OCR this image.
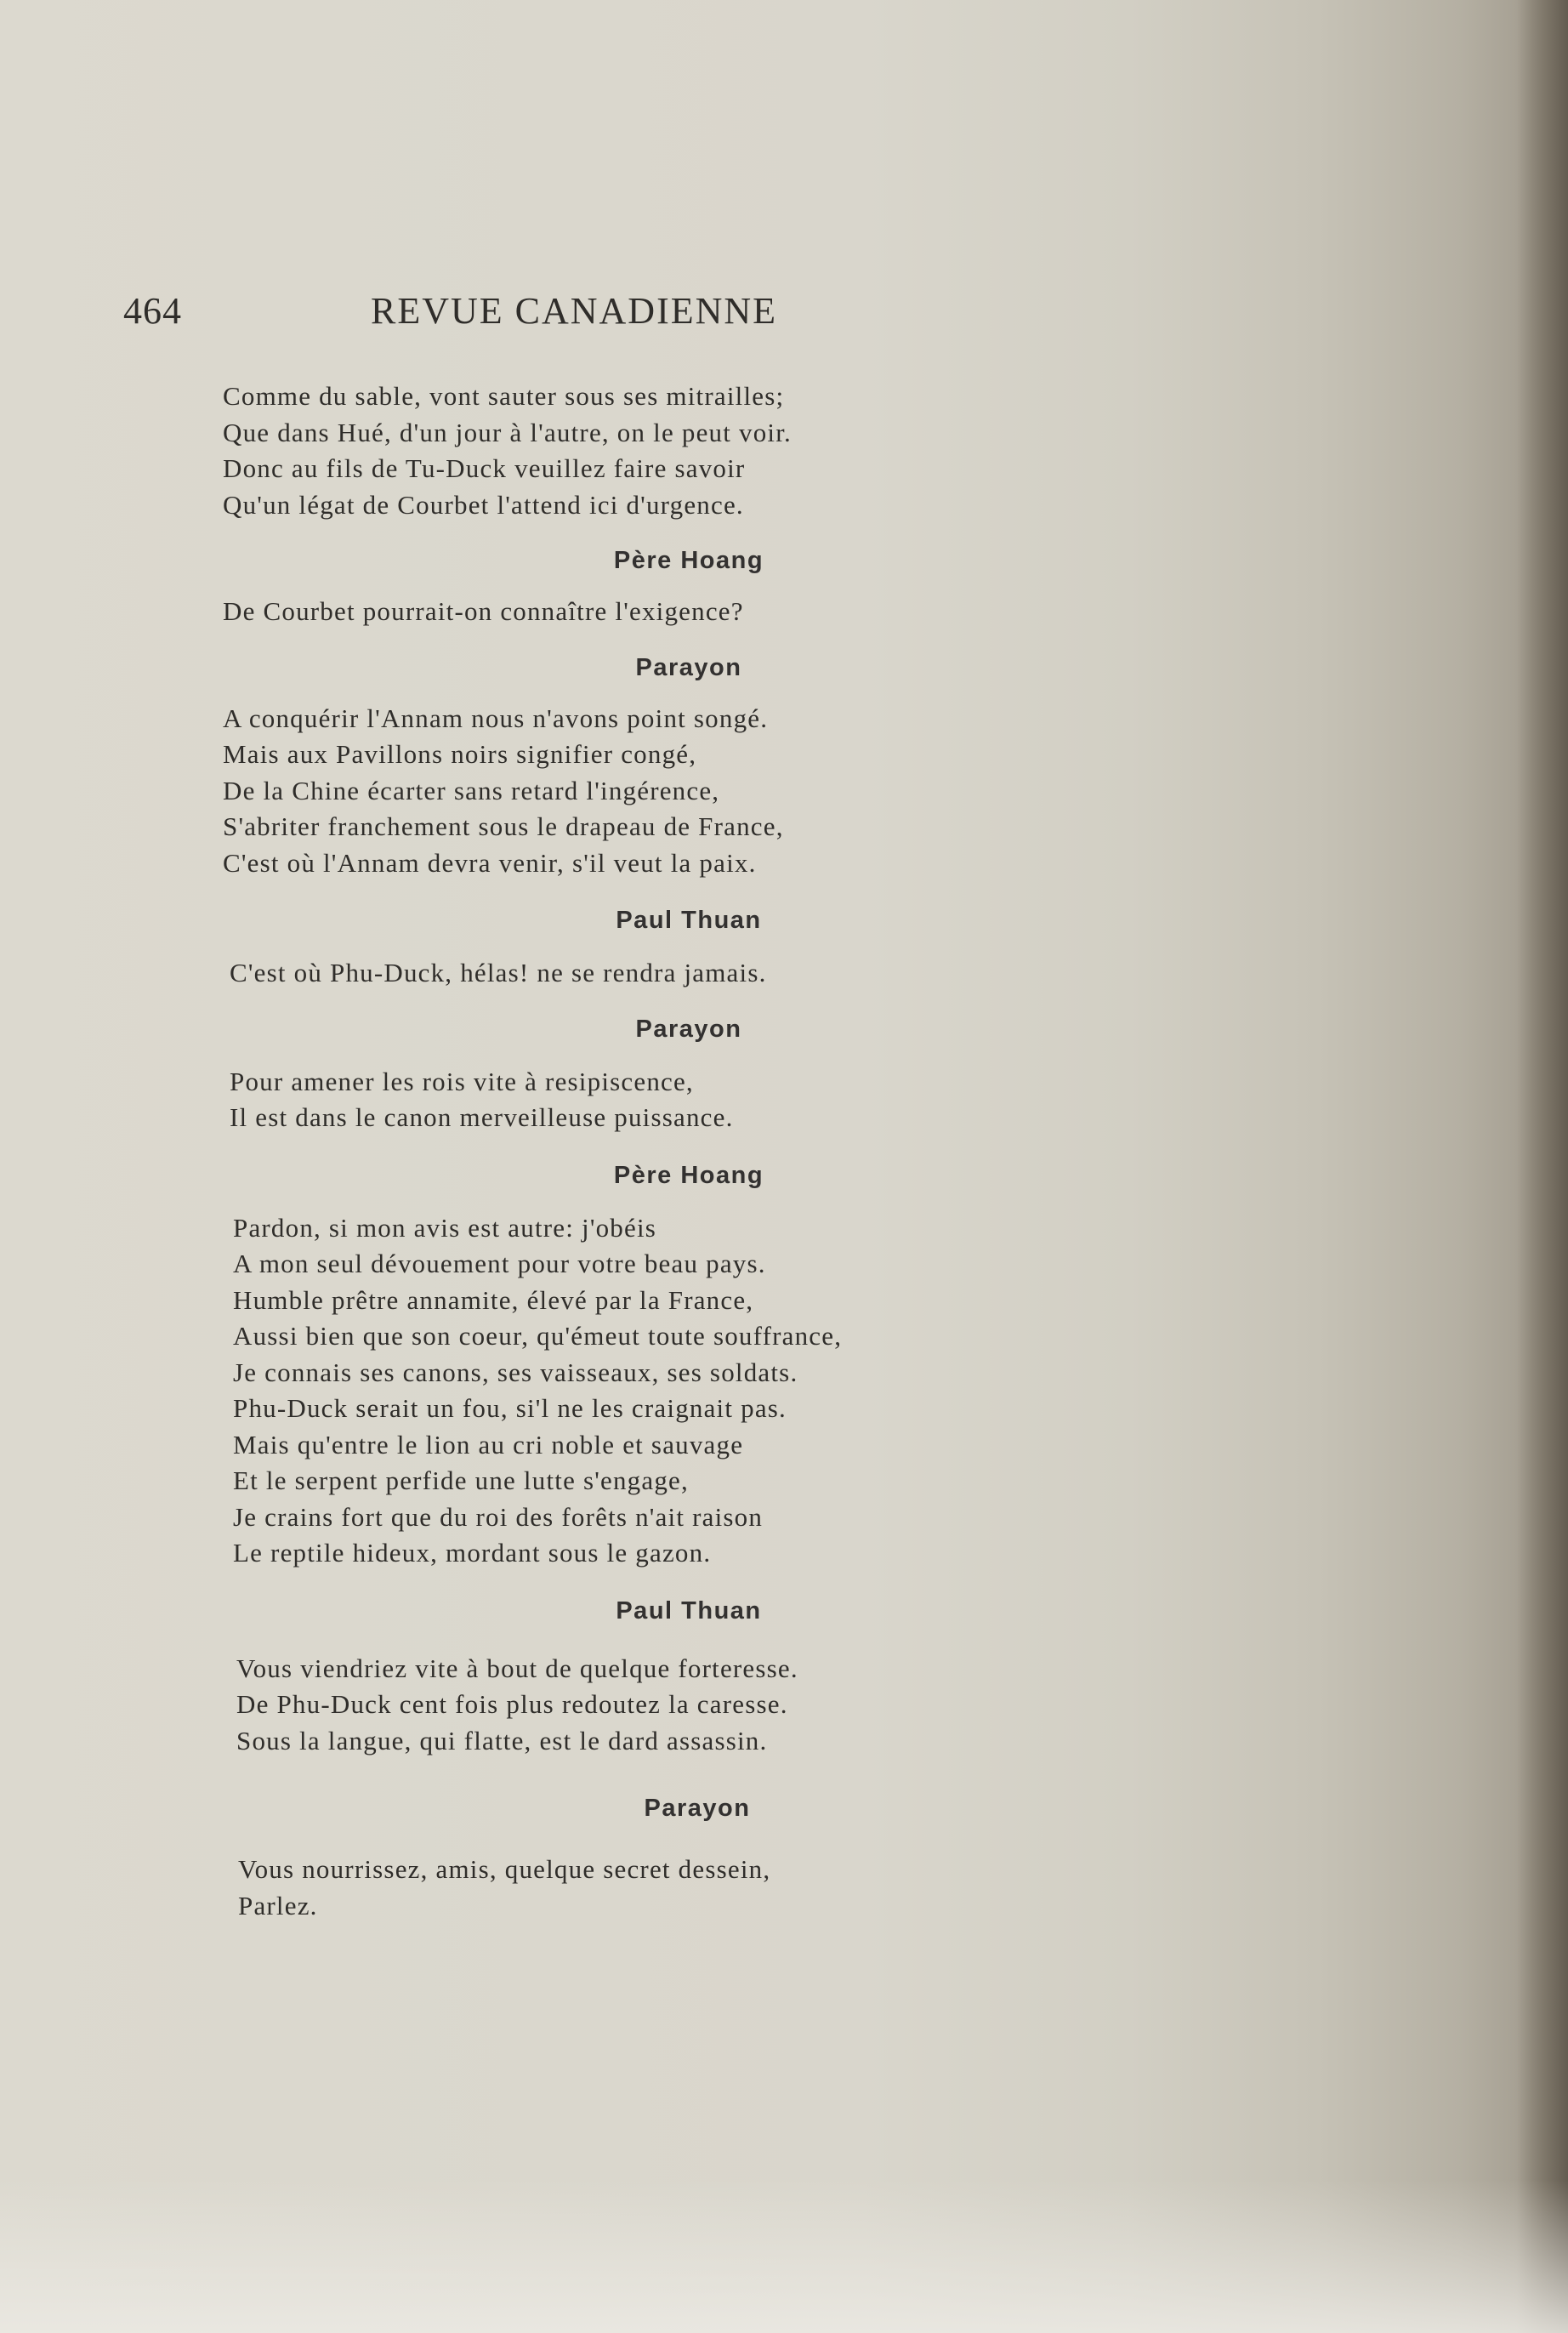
464	REVUE CANADIENNE
Comme du sable, vont sauter sous ses mitrailles;
Que dans Hué, d'un jour à l'autre, on le peut voir.
Donc au fils de Tu-Duck veuillez faire savoir
Qu'un légat de Courbet l'attend ici d'urgence.
Père Hoang
De Courbet pourrait-on connaître l'exigence?
Parayon
A conquérir l'Annam nous n'avons point songé.
Mais aux Pavillons noirs signifier congé,
De la Chine écarter sans retard l'ingérence,
S'abriter franchement sous le drapeau de France,
C'est où l'Annam devra venir, s'il veut la paix.
Paul Thuan
C'est où Phu-Duck, hélas! ne se rendra jamais.
Parayon
Pour amener les rois vite à resipiscence,
Il est dans le canon merveilleuse puissance.
Père Hoang
Pardon, si mon avis est autre: j'obéis
A mon seul dévouement pour votre beau pays.
Humble prêtre annamite, élevé par la France,
Aussi bien que son coeur, qu'émeut toute souffrance,
Je connais ses canons, ses vaisseaux, ses soldats.
Phu-Duck serait un fou, si'l ne les craignait pas.
Mais qu'entre le lion au cri noble et sauvage
Et le serpent perfide une lutte s'engage,
Je crains fort que du roi des forêts n'ait raison
Le reptile hideux, mordant sous le gazon.
Paul Thuan
Vous viendriez vite à bout de quelque forteresse.
De Phu-Duck cent fois plus redoutez la caresse.
Sous la langue, qui flatte, est le dard assassin.
Parayon
Vous nourrissez, amis, quelque secret dessein,
Parlez.
